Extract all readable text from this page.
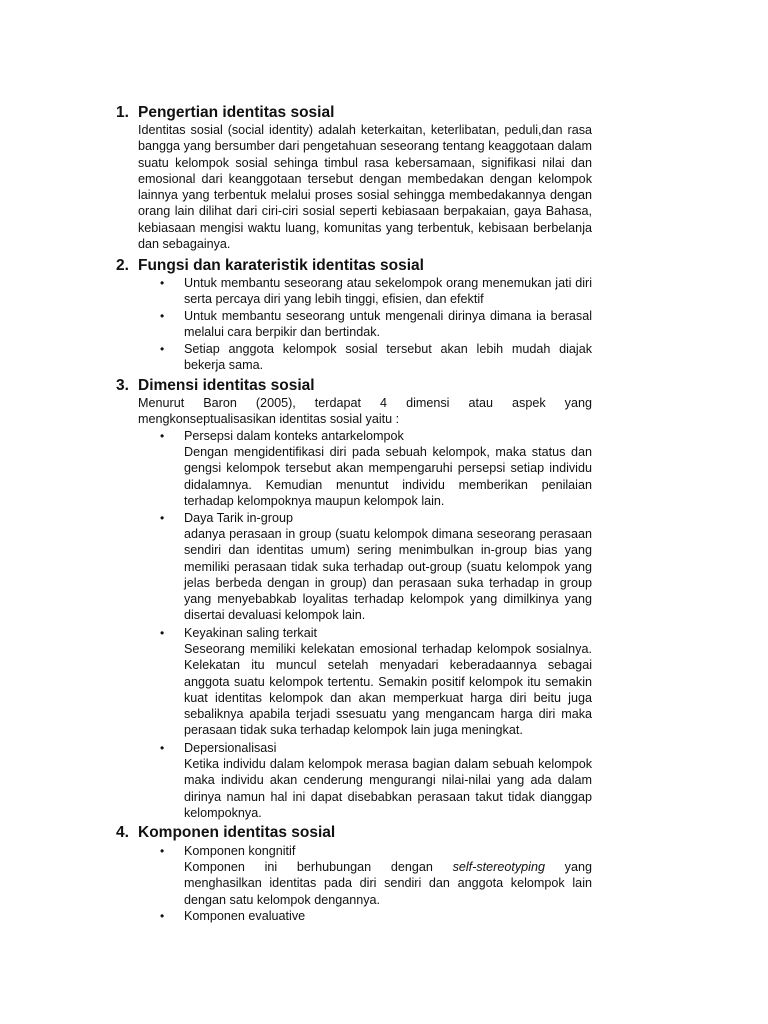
1. Pengertian identitas sosial

Identitas sosial (social identity) adalah keterkaitan, keterlibatan, peduli,dan rasa bangga yang bersumber dari pengetahuan seseorang tentang keaggotaan dalam suatu kelompok sosial sehinga timbul rasa kebersamaan, signifikasi nilai dan emosional dari keanggotaan tersebut dengan membedakan dengan kelompok lainnya yang terbentuk melalui proses sosial sehingga membedakannya dengan orang lain dilihat dari ciri-ciri sosial seperti kebiasaan berpakaian, gaya Bahasa, kebiasaan mengisi waktu luang, komunitas yang terbentuk, kebisaan berbelanja dan sebagainya.

2. Fungsi dan karateristik identitas sosial
•	Untuk membantu seseorang atau sekelompok orang menemukan jati diri serta percaya diri yang lebih tinggi, efisien, dan efektif
•	Untuk membantu seseorang untuk mengenali dirinya dimana ia berasal melalui cara berpikir dan bertindak.
•	Setiap anggota kelompok sosial tersebut akan lebih mudah diajak bekerja sama.
3. Dimensi identitas sosial

Menurut Baron (2005), terdapat 4 dimensi atau aspek yang mengkonseptualisasikan identitas sosial yaitu :

•	Persepsi dalam konteks antarkelompok

Dengan mengidentifikasi diri pada sebuah kelompok, maka status dan gengsi kelompok tersebut akan mempengaruhi persepsi setiap individu didalamnya. Kemudian menuntut individu memberikan penilaian terhadap kelompoknya maupun kelompok lain.

•	Daya Tarik in-group

adanya perasaan in group (suatu kelompok dimana seseorang perasaan sendiri dan identitas umum) sering menimbulkan in-group bias yang memiliki perasaan tidak suka terhadap out-group (suatu kelompok yang jelas berbeda dengan in group) dan perasaan suka terhadap in group yang menyebabkab loyalitas terhadap kelompok yang dimilkinya yang disertai devaluasi kelompok lain.

•	Keyakinan saling terkait

Seseorang memiliki kelekatan emosional terhadap kelompok sosialnya. Kelekatan itu muncul setelah menyadari keberadaannya sebagai anggota suatu kelompok tertentu. Semakin positif kelompok itu semakin kuat identitas kelompok dan akan memperkuat harga diri beitu juga sebaliknya apabila terjadi ssesuatu yang mengancam harga diri maka perasaan tidak suka terhadap kelompok lain juga meningkat.

•	Depersionalisasi

Ketika individu dalam kelompok merasa bagian dalam sebuah kelompok maka individu akan cenderung mengurangi nilai-nilai yang ada dalam dirinya namun hal ini dapat disebabkan perasaan takut tidak dianggap kelompoknya.

4. Komponen identitas sosial
•	Komponen kongnitif

Komponen ini berhubungan dengan self-stereotyping yang menghasilkan identitas pada diri sendiri dan anggota kelompok lain dengan satu kelompok dengannya.

•	Komponen evaluative
